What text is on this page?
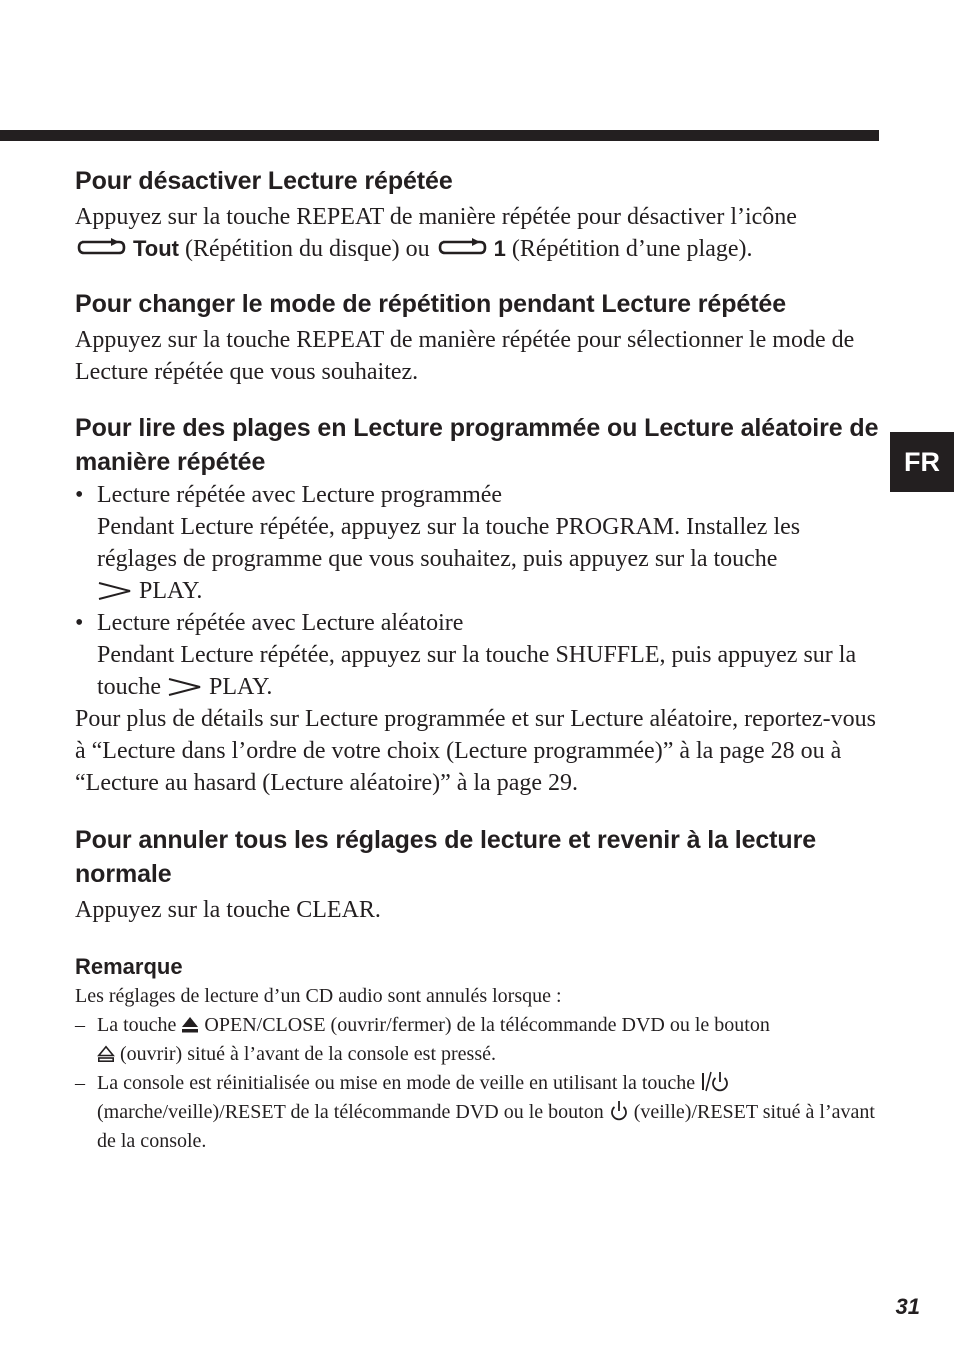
FR
Pour désactiver Lecture répétée

Appuyez sur la touche REPEAT de manière répétée pour désactiver l’icône
Tout (Répétition du disque) ou	1 (Répétition d’une plage).

Pour changer le mode de répétition pendant Lecture répétée

Appuyez sur la touche REPEAT de manière répétée pour sélectionner le mode de Lecture répétée que vous souhaitez.

Pour lire des plages en Lecture programmée ou Lecture aléatoire de manière répétée
• Lecture répétée avec Lecture programmée
Pendant Lecture répétée, appuyez sur la touche PROGRAM. Installez les réglages de programme que vous souhaitez, puis appuyez sur la touche
PLAY.
• Lecture répétée avec Lecture aléatoire
Pendant Lecture répétée, appuyez sur la touche SHUFFLE, puis appuyez sur la touche PLAY.

Pour plus de détails sur Lecture programmée et sur Lecture aléatoire, reportez-vous à “Lecture dans l’ordre de votre choix (Lecture programmée)” à la page 28 ou à “Lecture au hasard (Lecture aléatoire)” à la page 29.

Pour annuler tous les réglages de lecture et revenir à la lecture normale

Appuyez sur la touche CLEAR.

Remarque

Les réglages de lecture d’un CD audio sont annulés lorsque :

– La touche OPEN/CLOSE (ouvrir/fermer) de la télécommande DVD ou le bouton
(ouvrir) situé à l’avant de la console est pressé.
– La console est réinitialisée ou mise en mode de veille en utilisant la touche
(marche/veille)/RESET de la télécommande DVD ou le bouton (veille)/RESET situé à l’avant de la console.
31
